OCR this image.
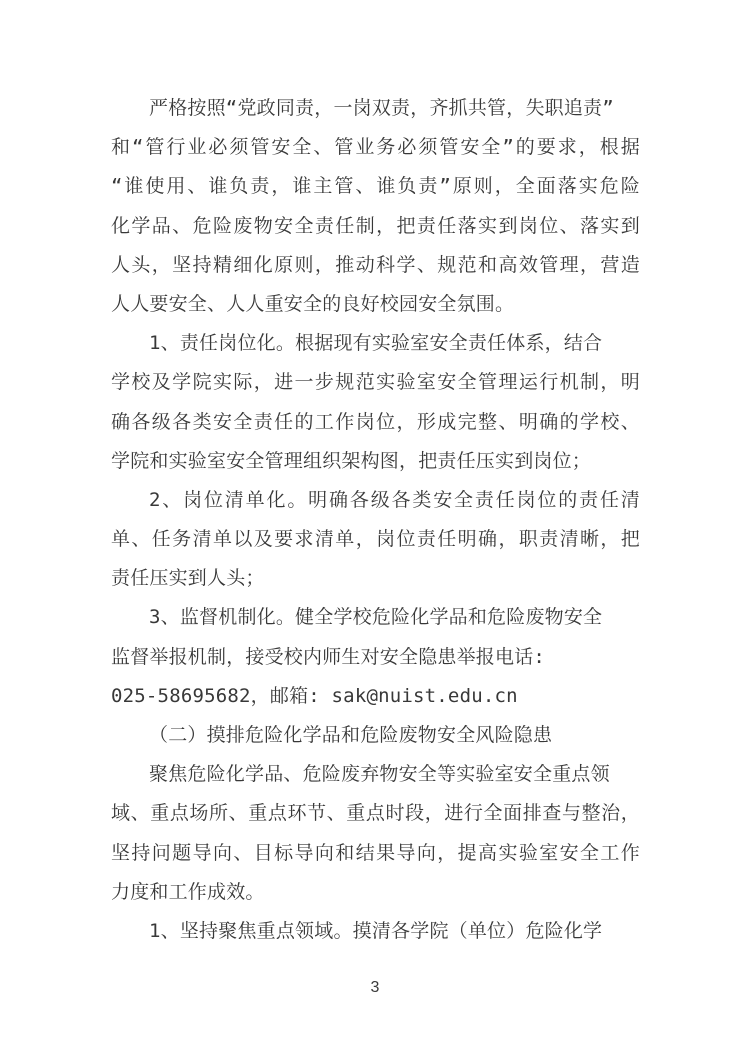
严格按照“党政同责，一岗双责，齐抓共管，失职追责”
和“管行业必须管安全、管业务必须管安全”的要求，根据
“谁使用、谁负责，谁主管、谁负责”原则，全面落实危险
化学品、危险废物安全责任制，把责任落实到岗位、落实到
人头，坚持精细化原则，推动科学、规范和高效管理，营造
人人要安全、人人重安全的良好校园安全氛围。
1、责任岗位化。根据现有实验室安全责任体系，结合
学校及学院实际，进一步规范实验室安全管理运行机制，明
确各级各类安全责任的工作岗位，形成完整、明确的学校、
学院和实验室安全管理组织架构图，把责任压实到岗位；
2、岗位清单化。明确各级各类安全责任岗位的责任清
单、任务清单以及要求清单，岗位责任明确，职责清晰，把
责任压实到人头；
3、监督机制化。健全学校危险化学品和危险废物安全
监督举报机制，接受校内师生对安全隐患举报电话:
025-58695682，邮箱: sak@nuist.edu.cn
（二）摸排危险化学品和危险废物安全风险隐患
聚焦危险化学品、危险废弃物安全等实验室安全重点领
域、重点场所、重点环节、重点时段，进行全面排查与整治，
坚持问题导向、目标导向和结果导向，提高实验室安全工作
力度和工作成效。
1、坚持聚焦重点领域。摸清各学院（单位）危险化学
3
